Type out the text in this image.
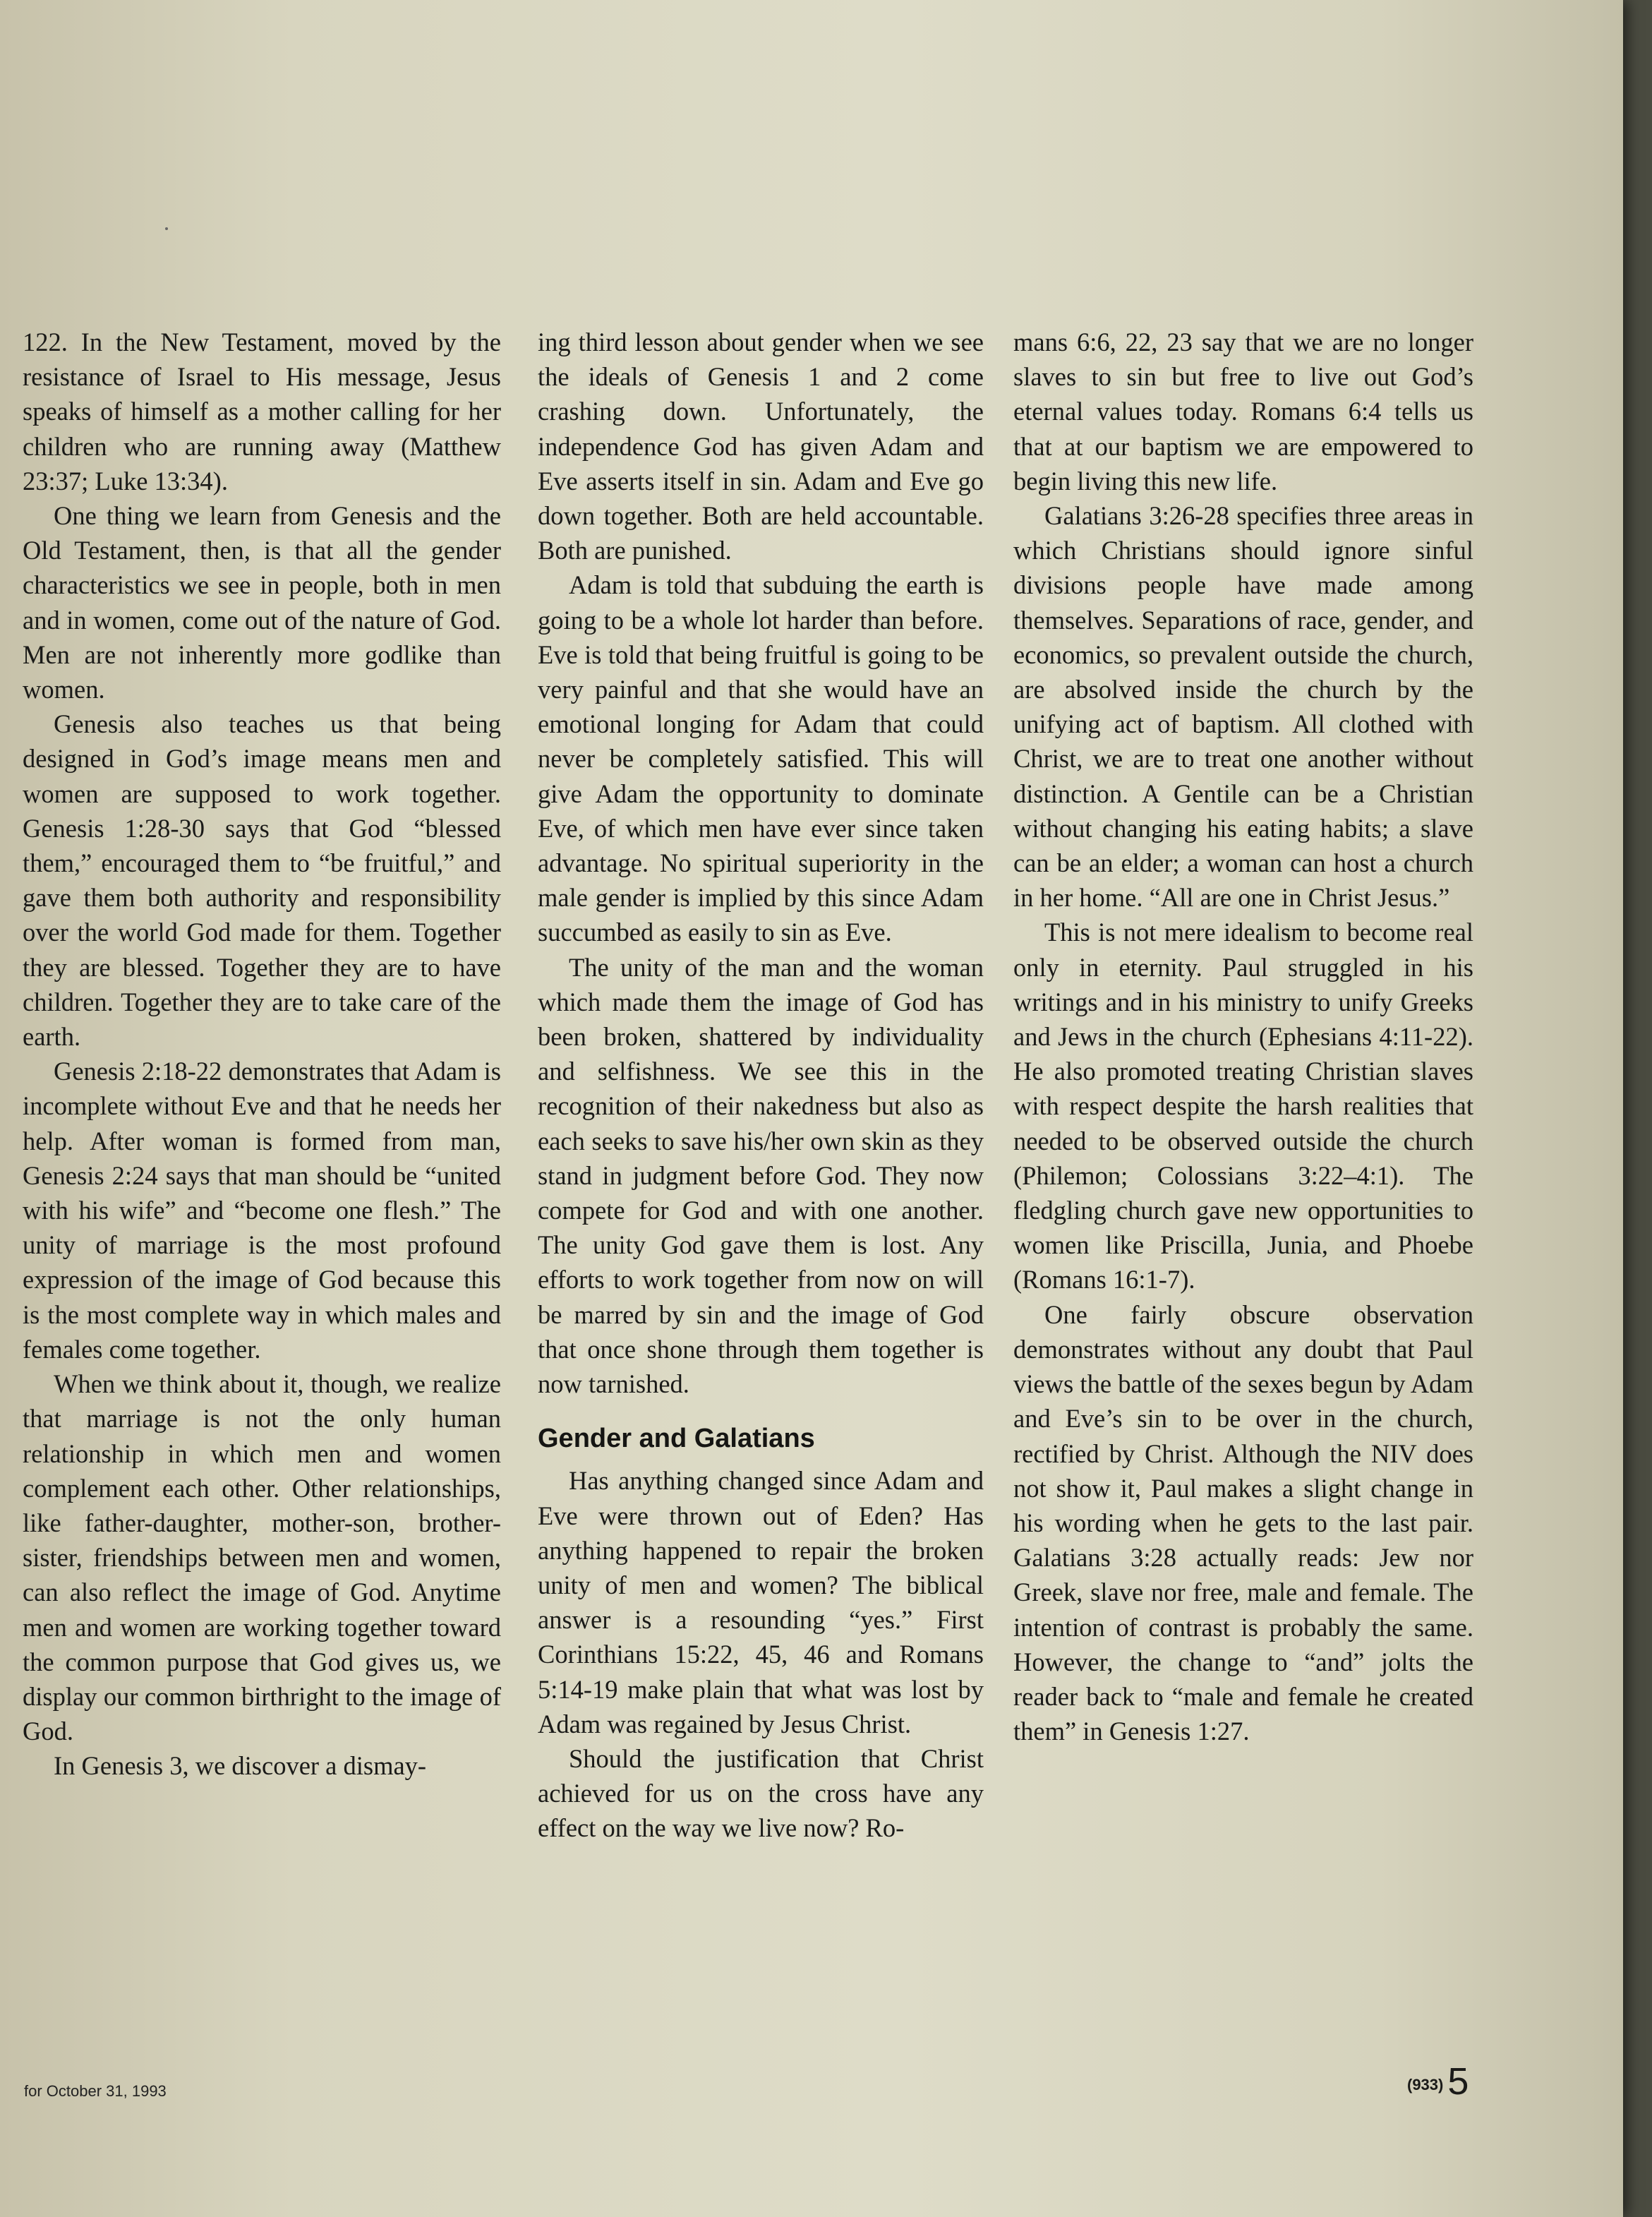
122. In the New Testament, moved by the resistance of Israel to His message, Jesus speaks of himself as a mother calling for her children who are running away (Matthew 23:37; Luke 13:34).

One thing we learn from Genesis and the Old Testament, then, is that all the gender characteristics we see in people, both in men and in women, come out of the nature of God. Men are not inherently more godlike than women.

Genesis also teaches us that being designed in God’s image means men and women are supposed to work together. Genesis 1:28-30 says that God “blessed them,” encouraged them to “be fruitful,” and gave them both authority and responsibility over the world God made for them. Together they are blessed. Together they are to have children. Together they are to take care of the earth.

Genesis 2:18-22 demonstrates that Adam is incomplete without Eve and that he needs her help. After woman is formed from man, Genesis 2:24 says that man should be “united with his wife” and “become one flesh.” The unity of marriage is the most profound expression of the image of God because this is the most complete way in which males and females come together.

When we think about it, though, we realize that marriage is not the only human relationship in which men and women complement each other. Other relationships, like father-daughter, mother-son, brother-sister, friendships between men and women, can also reflect the image of God. Anytime men and women are working together toward the common purpose that God gives us, we display our common birthright to the image of God.

In Genesis 3, we discover a dismay-

ing third lesson about gender when we see the ideals of Genesis 1 and 2 come crashing down. Unfortunately, the independence God has given Adam and Eve asserts itself in sin. Adam and Eve go down together. Both are held accountable. Both are punished.

Adam is told that subduing the earth is going to be a whole lot harder than before. Eve is told that being fruitful is going to be very painful and that she would have an emotional longing for Adam that could never be completely satisfied. This will give Adam the opportunity to dominate Eve, of which men have ever since taken advantage. No spiritual superiority in the male gender is implied by this since Adam succumbed as easily to sin as Eve.

The unity of the man and the woman which made them the image of God has been broken, shattered by individuality and selfishness. We see this in the recognition of their nakedness but also as each seeks to save his/her own skin as they stand in judgment before God. They now compete for God and with one another. The unity God gave them is lost. Any efforts to work together from now on will be marred by sin and the image of God that once shone through them together is now tarnished.

Gender and Galatians

Has anything changed since Adam and Eve were thrown out of Eden? Has anything happened to repair the broken unity of men and women? The biblical answer is a resounding “yes.” First Corinthians 15:22, 45, 46 and Romans 5:14-19 make plain that what was lost by Adam was regained by Jesus Christ.

Should the justification that Christ achieved for us on the cross have any effect on the way we live now? Ro-

mans 6:6, 22, 23 say that we are no longer slaves to sin but free to live out God’s eternal values today. Romans 6:4 tells us that at our baptism we are empowered to begin living this new life.

Galatians 3:26-28 specifies three areas in which Christians should ignore sinful divisions people have made among themselves. Separations of race, gender, and economics, so prevalent outside the church, are absolved inside the church by the unifying act of baptism. All clothed with Christ, we are to treat one another without distinction. A Gentile can be a Christian without changing his eating habits; a slave can be an elder; a woman can host a church in her home. “All are one in Christ Jesus.”

This is not mere idealism to become real only in eternity. Paul struggled in his writings and in his ministry to unify Greeks and Jews in the church (Ephesians 4:11-22). He also promoted treating Christian slaves with respect despite the harsh realities that needed to be observed outside the church (Philemon; Colossians 3:22–4:1). The fledgling church gave new opportunities to women like Priscilla, Junia, and Phoebe (Romans 16:1-7).

One fairly obscure observation demonstrates without any doubt that Paul views the battle of the sexes begun by Adam and Eve’s sin to be over in the church, rectified by Christ. Although the NIV does not show it, Paul makes a slight change in his wording when he gets to the last pair. Galatians 3:28 actually reads: Jew nor Greek, slave nor free, male and female. The intention of contrast is probably the same. However, the change to “and” jolts the reader back to “male and female he created them” in Genesis 1:27.

for October 31, 1993	(933) 5
